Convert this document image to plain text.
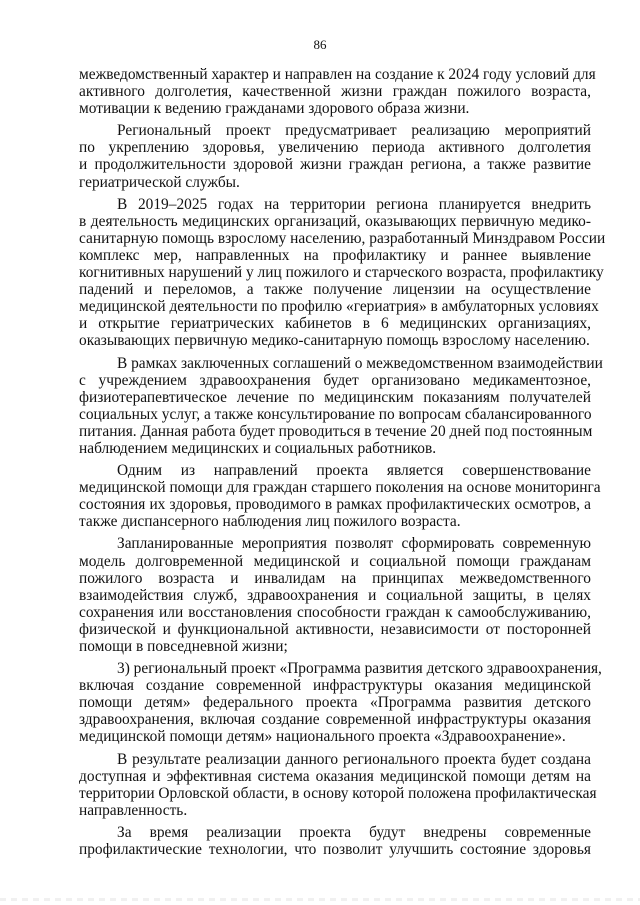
86
межведомственный характер и направлен на создание к 2024 году условий для
активного долголетия, качественной жизни граждан пожилого возраста,
мотивации к ведению гражданами здорового образа жизни.
Региональный проект предусматривает реализацию мероприятий
по укреплению здоровья, увеличению периода активного долголетия
и продолжительности здоровой жизни граждан региона, а также развитие
гериатрической службы.
В 2019–2025 годах на территории региона планируется внедрить
в деятельность медицинских организаций, оказывающих первичную медико-
санитарную помощь взрослому населению, разработанный Минздравом России
комплекс мер, направленных на профилактику и раннее выявление
когнитивных нарушений у лиц пожилого и старческого возраста, профилактику
падений и переломов, а также получение лицензии на осуществление
медицинской деятельности по профилю «гериатрия» в амбулаторных условиях
и открытие гериатрических кабинетов в 6 медицинских организациях,
оказывающих первичную медико-санитарную помощь взрослому населению.
В рамках заключенных соглашений о межведомственном взаимодействии
с учреждением здравоохранения будет организовано медикаментозное,
физиотерапевтическое лечение по медицинским показаниям получателей
социальных услуг, а также консультирование по вопросам сбалансированного
питания. Данная работа будет проводиться в течение 20 дней под постоянным
наблюдением медицинских и социальных работников.
Одним из направлений проекта является совершенствование
медицинской помощи для граждан старшего поколения на основе мониторинга
состояния их здоровья, проводимого в рамках профилактических осмотров, а
также диспансерного наблюдения лиц пожилого возраста.
Запланированные мероприятия позволят сформировать современную
модель долговременной медицинской и социальной помощи гражданам
пожилого возраста и инвалидам на принципах межведомственного
взаимодействия служб, здравоохранения и социальной защиты, в целях
сохранения или восстановления способности граждан к самообслуживанию,
физической и функциональной активности, независимости от посторонней
помощи в повседневной жизни;
3) региональный проект «Программа развития детского здравоохранения,
включая создание современной инфраструктуры оказания медицинской
помощи детям» федерального проекта «Программа развития детского
здравоохранения, включая создание современной инфраструктуры оказания
медицинской помощи детям» национального проекта «Здравоохранение».
В результате реализации данного регионального проекта будет создана
доступная и эффективная система оказания медицинской помощи детям на
территории Орловской области, в основу которой положена профилактическая
направленность.
За время реализации проекта будут внедрены современные
профилактические технологии, что позволит улучшить состояние здоровья
